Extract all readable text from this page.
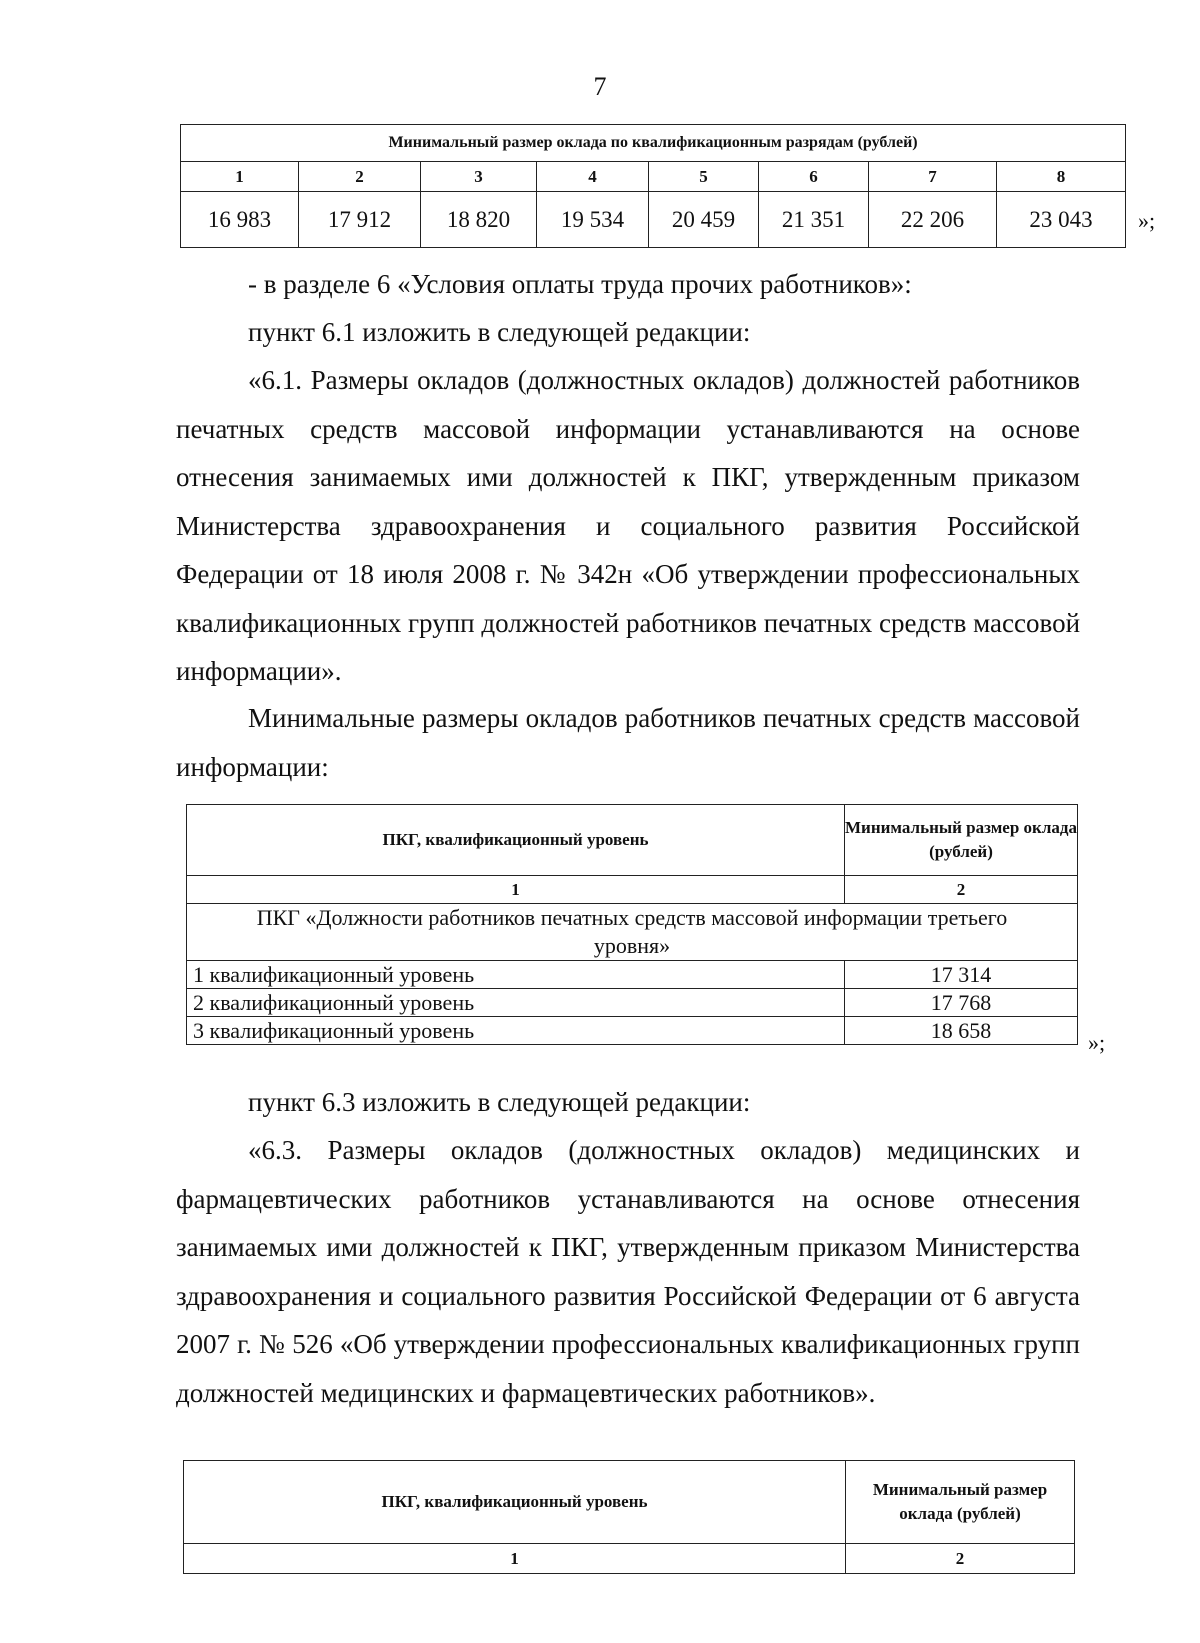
7
Минимальный размер оклада по квалификационным разрядам (рублей)							
1	2	3	4	5	6	7	8
16 983	17 912	18 820	19 534	20 459	21 351	22 206	23 043 »;

- в разделе 6 «Условия оплаты труда прочих работников»:

пункт 6.1 изложить в следующей редакции:

«6.1. Размеры окладов (должностных окладов) должностей работников печатных средств массовой информации устанавливаются на основе отнесения занимаемых ими должностей к ПКГ, утвержденным приказом Министерства здравоохранения и социального развития Российской Федерации от 18 июля 2008 г. № 342н «Об утверждении профессиональных квалификационных групп должностей работников печатных средств массовой информации».

Минимальные размеры окладов работников печатных средств массовой информации:

ПКГ, квалификационный уровень	Минимальный размер оклада (рублей)
1	2
ПКГ «Должности работников печатных средств массовой информации третьего уровня»	
1 квалификационный уровень	17 314
2 квалификационный уровень	17 768
3 квалификационный уровень	18 658	»;

пункт 6.3 изложить в следующей редакции:

«6.3. Размеры окладов (должностных окладов) медицинских и фармацевтических работников устанавливаются на основе отнесения занимаемых ими должностей к ПКГ, утвержденным приказом Министерства здравоохранения и социального развития Российской Федерации от 6 августа 2007 г. № 526 «Об утверждении профессиональных квалификационных групп должностей медицинских и фармацевтических работников».

ПКГ, квалификационный уровень	Минимальный размер оклада (рублей)
1	2
